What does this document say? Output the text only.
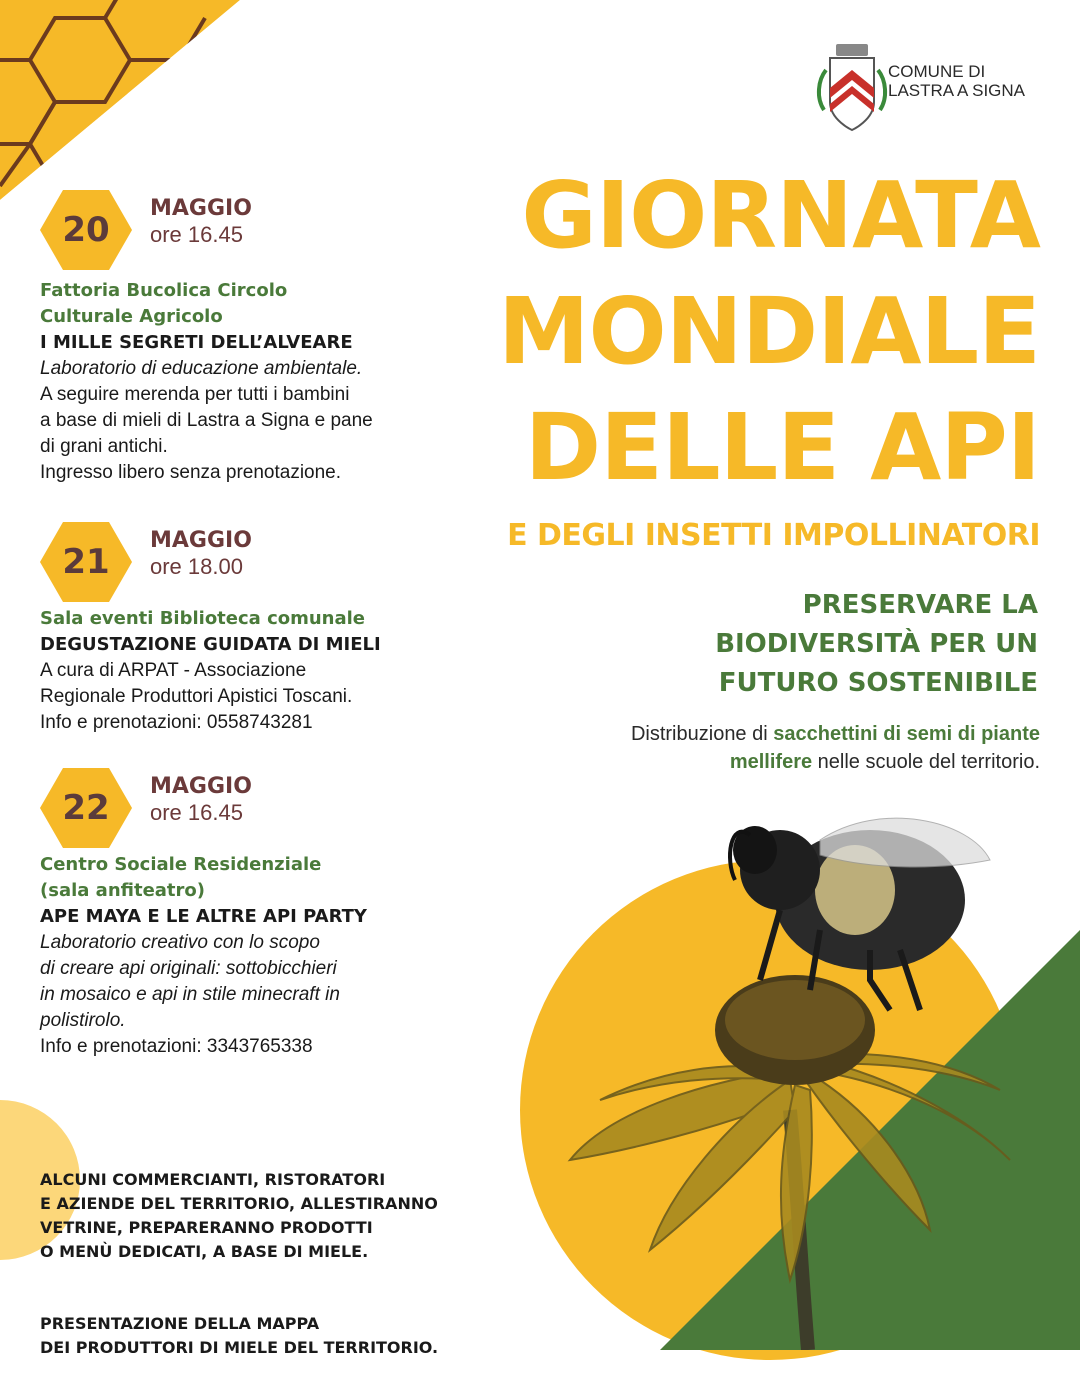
COMUNE DI
LASTRA A SIGNA
GIORNATA
MONDIALE
DELLE API
E DEGLI INSETTI IMPOLLINATORI
PRESERVARE LA
BIODIVERSITÀ PER UN
FUTURO SOSTENIBILE
Distribuzione di sacchettini di semi di piante
mellifere nelle scuole del territorio.
20
MAGGIO
ore 16.45
Fattoria Bucolica Circolo
Culturale Agricolo
I MILLE SEGRETI DELL’ALVEARE
Laboratorio di educazione ambientale.
A seguire merenda per tutti i bambini
a base di mieli di Lastra a Signa e pane
di grani antichi.
Ingresso libero senza prenotazione.
21
MAGGIO
ore 18.00
Sala eventi Biblioteca comunale
DEGUSTAZIONE GUIDATA DI MIELI
A cura di ARPAT - Associazione
Regionale Produttori Apistici Toscani.
Info e prenotazioni: 0558743281
22
MAGGIO
ore 16.45
Centro Sociale Residenziale
(sala anfiteatro)
APE MAYA E LE ALTRE API PARTY
Laboratorio creativo con lo scopo
di creare api originali: sottobicchieri
in mosaico e api in stile minecraft in
polistirolo.
Info e prenotazioni: 3343765338

ALCUNI COMMERCIANTI, RISTORATORI
E AZIENDE DEL TERRITORIO, ALLESTIRANNO
VETRINE, PREPARERANNO PRODOTTI
O MENÙ DEDICATI, A BASE DI MIELE.

PRESENTAZIONE DELLA MAPPA
DEI PRODUTTORI DI MIELE DEL TERRITORIO.
